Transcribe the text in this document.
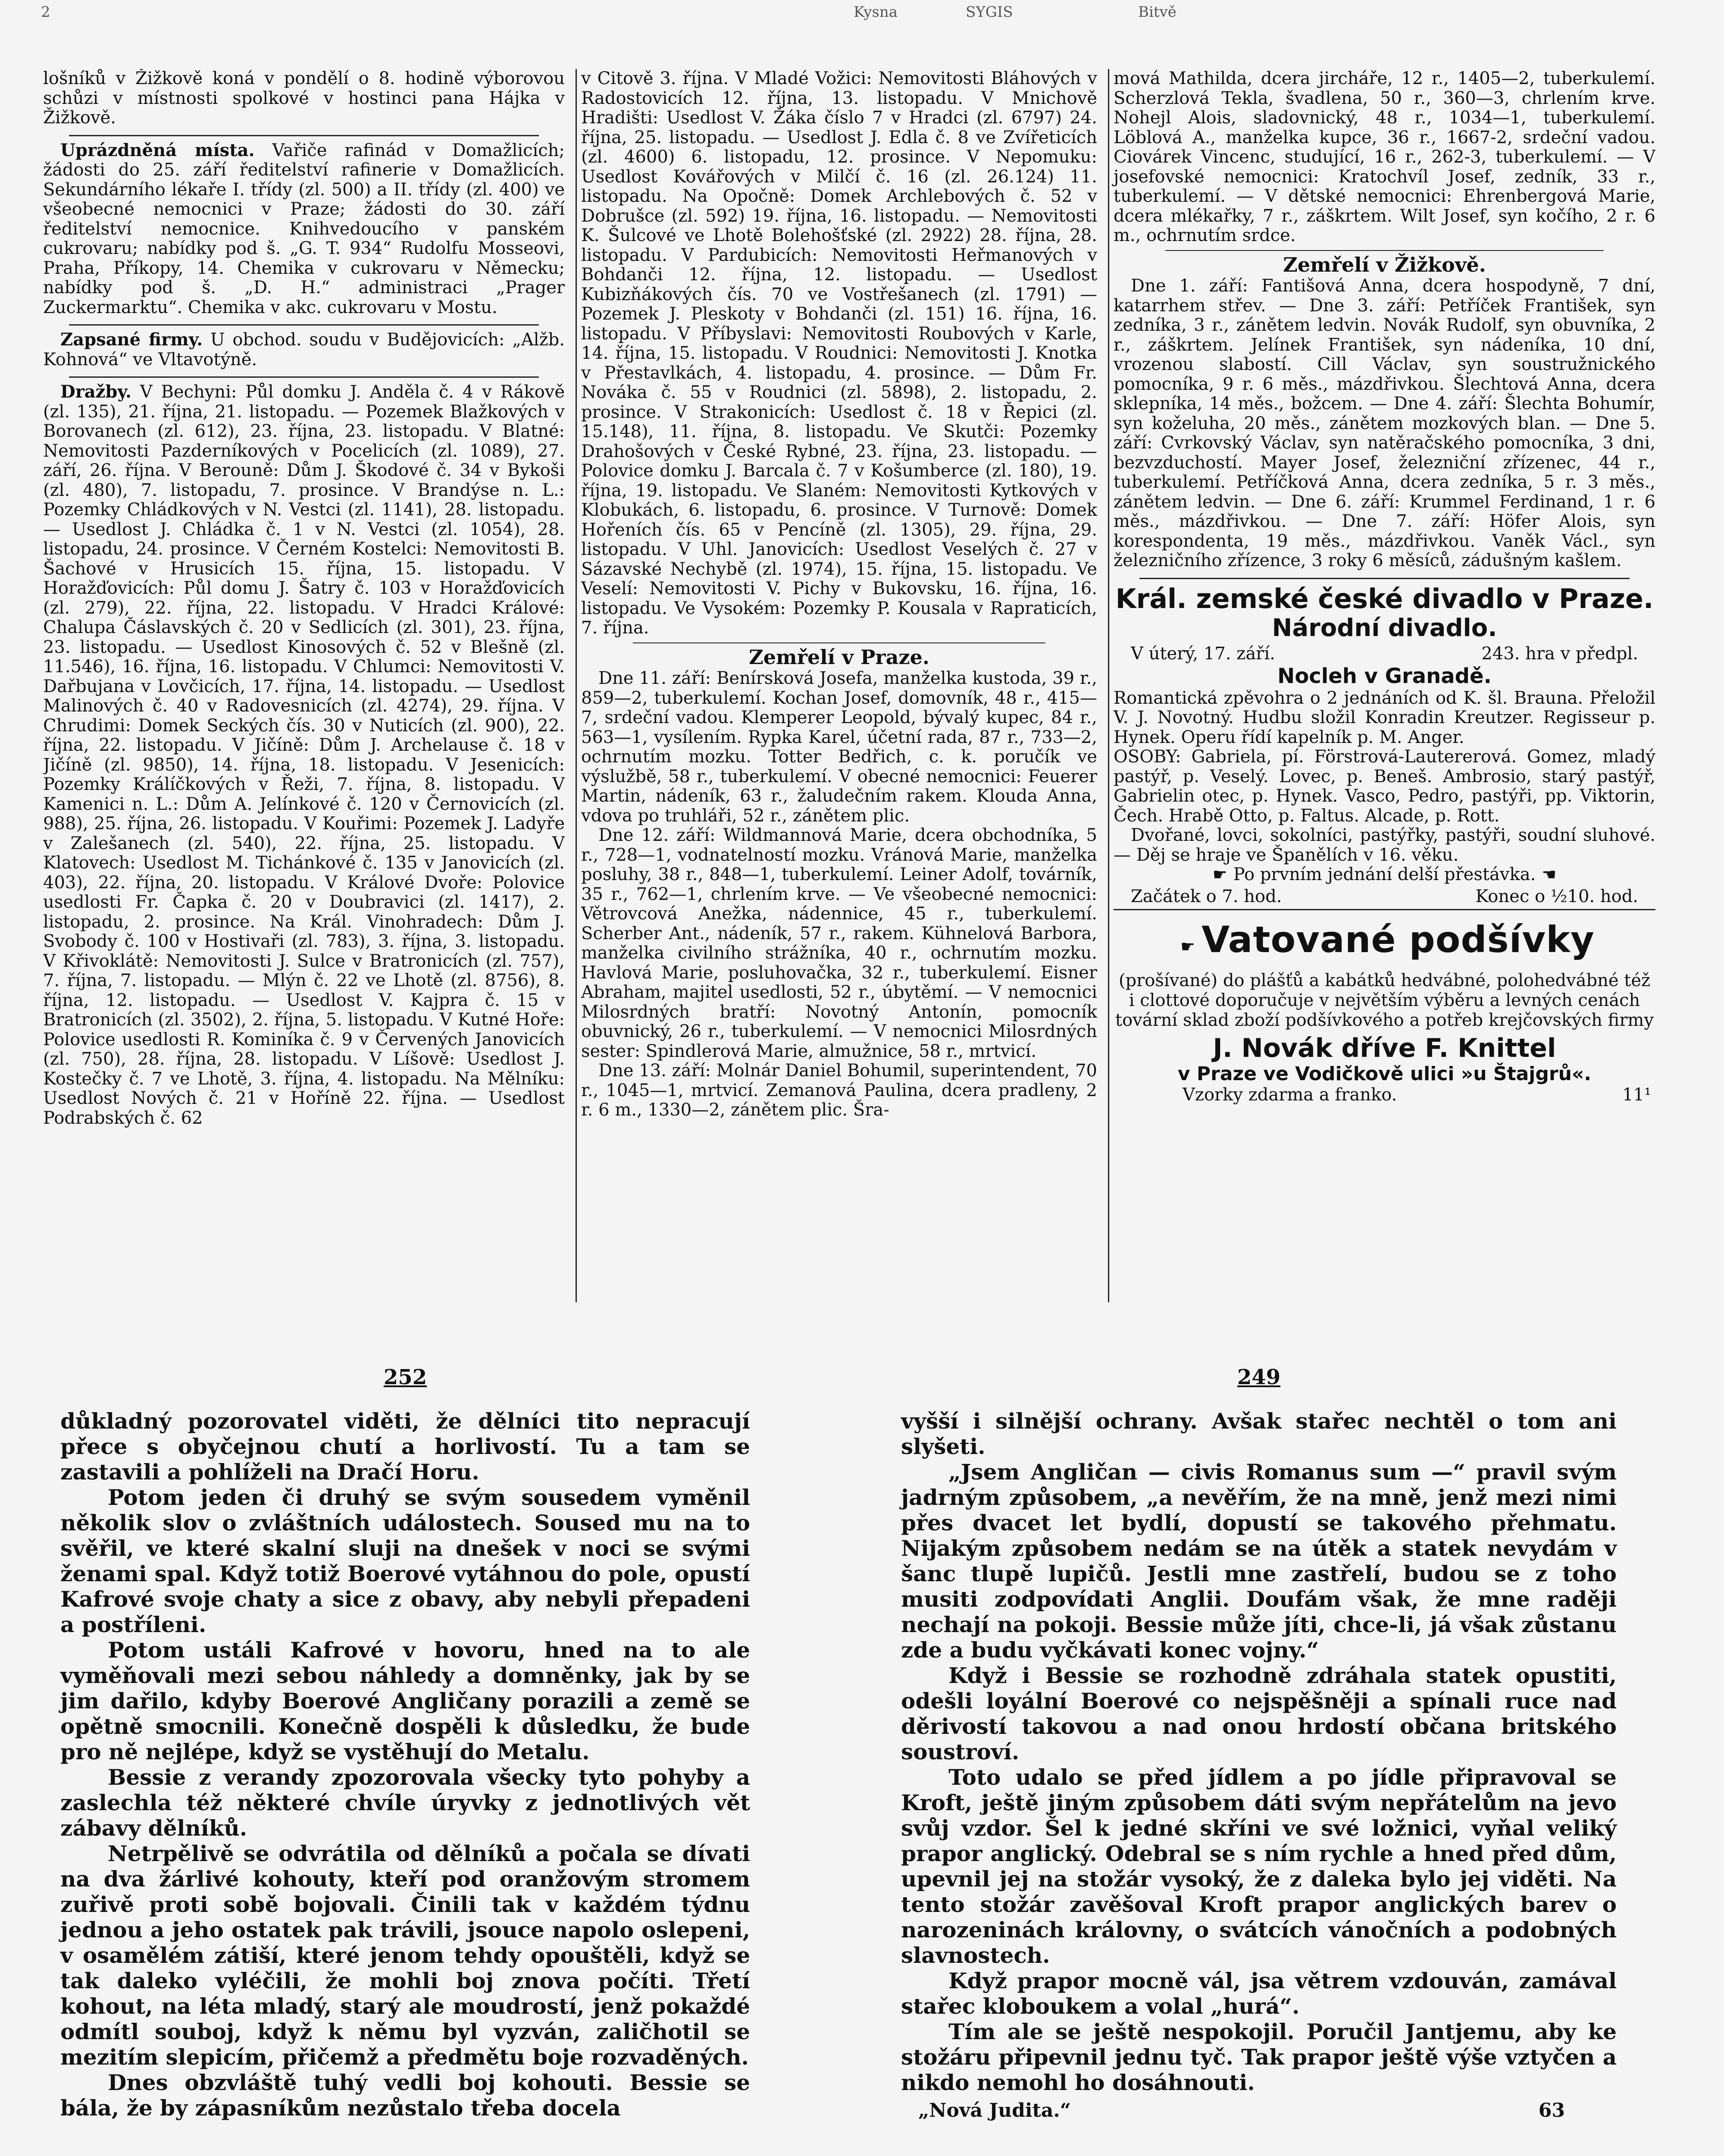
2	Kysna	SYGIS	Bitvě

lošníků v Žižkově koná v pondělí o 8. hodině výborovou schůzi v místnosti spolkové v hostinci pana Hájka v Žižkově.

Uprázdněná místa. Vařiče rafinád v Domažlicích; žádosti do 25. září ředitelství rafinerie v Domažlicích. Sekundárního lékaře I. třídy (zl. 500) a II. třídy (zl. 400) ve všeobecné nemocnici v Praze; žádosti do 30. září ředitelství nemocnice. Knihvedoucího v panském cukrovaru; nabídky pod š. „G. T. 934“ Rudolfu Mosseovi, Praha, Příkopy, 14. Chemika v cukrovaru v Německu; nabídky pod š. „D. H.“ administraci „Prager Zuckermarktu“. Chemika v akc. cukrovaru v Mostu.

Zapsané firmy. U obchod. soudu v Budějovicích: „Alžb. Kohnová“ ve Vltavotýně.

Dražby. V Bechyni: Půl domku J. Anděla č. 4 v Rákově (zl. 135), 21. října, 21. listopadu. — Pozemek Blažkových v Borovanech (zl. 612), 23. října, 23. listopadu. V Blatné: Nemovitosti Pazderníkových v Pocelicích (zl. 1089), 27. září, 26. října. V Berouně: Dům J. Škodové č. 34 v Bykoši (zl. 480), 7. listopadu, 7. prosince. V Brandýse n. L.: Pozemky Chládkových v N. Vestci (zl. 1141), 28. listopadu. — Usedlost J. Chládka č. 1 v N. Vestci (zl. 1054), 28. listopadu, 24. prosince. V Černém Kostelci: Nemovitosti B. Šachové v Hrusicích 15. října, 15. listopadu. V Horažďovicích: Půl domu J. Šatry č. 103 v Horažďovicích (zl. 279), 22. října, 22. listopadu. V Hradci Králové: Chalupa Čáslavských č. 20 v Sedlicích (zl. 301), 23. října, 23. listopadu. — Usedlost Kinosových č. 52 v Blešně (zl. 11.546), 16. října, 16. listopadu. V Chlumci: Nemovitosti V. Dařbujana v Lovčicích, 17. října, 14. listopadu. — Usedlost Malinových č. 40 v Radovesnicích (zl. 4274), 29. října. V Chrudimi: Domek Seckých čís. 30 v Nuticích (zl. 900), 22. října, 22. listopadu. V Jičíně: Dům J. Archelause č. 18 v Jičíně (zl. 9850), 14. října, 18. listopadu. V Jesenicích: Pozemky Králíčkových v Řeži, 7. října, 8. listopadu. V Kamenici n. L.: Dům A. Jelínkové č. 120 v Černovicích (zl. 988), 25. října, 26. listopadu. V Kouřimi: Pozemek J. Ladyře v Zalešanech (zl. 540), 22. října, 25. listopadu. V Klatovech: Usedlost M. Tichánkové č. 135 v Janovicích (zl. 403), 22. října, 20. listopadu. V Králové Dvoře: Polovice usedlosti Fr. Čapka č. 20 v Doubravici (zl. 1417), 2. listopadu, 2. prosince. Na Král. Vinohradech: Dům J. Svobody č. 100 v Hostivaři (zl. 783), 3. října, 3. listopadu. V Křivoklátě: Nemovitosti J. Sulce v Bratronicích (zl. 757), 7. října, 7. listopadu. — Mlýn č. 22 ve Lhotě (zl. 8756), 8. října, 12. listopadu. — Usedlost V. Kajpra č. 15 v Bratronicích (zl. 3502), 2. října, 5. listopadu. V Kutné Hoře: Polovice usedlosti R. Kominíka č. 9 v Červených Janovicích (zl. 750), 28. října, 28. listopadu. V Líšově: Usedlost J. Kostečky č. 7 ve Lhotě, 3. října, 4. listopadu. Na Mělníku: Usedlost Nových č. 21 v Hoříně 22. října. — Usedlost Podrabských č. 62

v Citově 3. října. V Mladé Vožici: Nemovitosti Bláhových v Radostovicích 12. října, 13. listopadu. V Mnichově Hradišti: Usedlost V. Žáka číslo 7 v Hradci (zl. 6797) 24. října, 25. listopadu. — Usedlost J. Edla č. 8 ve Zvířeticích (zl. 4600) 6. listopadu, 12. prosince. V Nepomuku: Usedlost Kovářových v Milčí č. 16 (zl. 26.124) 11. listopadu. Na Opočně: Domek Archlebových č. 52 v Dobrušce (zl. 592) 19. října, 16. listopadu. — Nemovitosti K. Šulcové ve Lhotě Bolehošťské (zl. 2922) 28. října, 28. listopadu. V Pardubicích: Nemovitosti Heřmanových v Bohdanči 12. října, 12. listopadu. — Usedlost Kubizňákových čís. 70 ve Vostřešanech (zl. 1791) — Pozemek J. Pleskoty v Bohdanči (zl. 151) 16. října, 16. listopadu. V Příbyslavi: Nemovitosti Roubových v Karle, 14. října, 15. listopadu. V Roudnici: Nemovitosti J. Knotka v Přestavlkách, 4. listopadu, 4. prosince. — Dům Fr. Nováka č. 55 v Roudnici (zl. 5898), 2. listopadu, 2. prosince. V Strakonicích: Usedlost č. 18 v Řepici (zl. 15.148), 11. října, 8. listopadu. Ve Skutči: Pozemky Drahošových v České Rybné, 23. října, 23. listopadu. — Polovice domku J. Barcala č. 7 v Košumberce (zl. 180), 19. října, 19. listopadu. Ve Slaném: Nemovitosti Kytkových v Klobukách, 6. listopadu, 6. prosince. V Turnově: Domek Hořeních čís. 65 v Pencíně (zl. 1305), 29. října, 29. listopadu. V Uhl. Janovicích: Usedlost Veselých č. 27 v Sázavské Nechybě (zl. 1974), 15. října, 15. listopadu. Ve Veselí: Nemovitosti V. Pichy v Bukovsku, 16. října, 16. listopadu. Ve Vysokém: Pozemky P. Kousala v Rapraticích, 7. října.

Zemřelí v Praze.

Dne 11. září: Benírsková Josefa, manželka kustoda, 39 r., 859—2, tuberkulemí. Kochan Josef, domovník, 48 r., 415—7, srdeční vadou. Klemperer Leopold, bývalý kupec, 84 r., 563—1, vysílením. Rypka Karel, účetní rada, 87 r., 733—2, ochrnutím mozku. Totter Bedřich, c. k. poručík ve výslužbě, 58 r., tuberkulemí. V obecné nemocnici: Feuerer Martin, nádeník, 63 r., žaludečním rakem. Klouda Anna, vdova po truhláři, 52 r., zánětem plic.

Dne 12. září: Wildmannová Marie, dcera obchodníka, 5 r., 728—1, vodnatelností mozku. Vránová Marie, manželka posluhy, 38 r., 848—1, tuberkulemí. Leiner Adolf, továrník, 35 r., 762—1, chrlením krve. — Ve všeobecné nemocnici: Větrovcová Anežka, nádennice, 45 r., tuberkulemí. Scherber Ant., nádeník, 57 r., rakem. Kühnelová Barbora, manželka civilního strážníka, 40 r., ochrnutím mozku. Havlová Marie, posluhovačka, 32 r., tuberkulemí. Eisner Abraham, majitel usedlosti, 52 r., úbytěmí. — V nemocnici Milosrdných bratří: Novotný Antonín, pomocník obuvnický, 26 r., tuberkulemí. — V nemocnici Milosrdných sester: Spindlerová Marie, almužnice, 58 r., mrtvicí.

Dne 13. září: Molnár Daniel Bohumil, superintendent, 70 r., 1045—1, mrtvicí. Zemanová Paulina, dcera pradleny, 2 r. 6 m., 1330—2, zánětem plic. Šra-

mová Mathilda, dcera jircháře, 12 r., 1405—2, tuberkulemí. Scherzlová Tekla, švadlena, 50 r., 360—3, chrlením krve. Nohejl Alois, sladovnický, 48 r., 1034—1, tuberkulemí. Löblová A., manželka kupce, 36 r., 1667-2, srdeční vadou. Ciovárek Vincenc, studující, 16 r., 262-3, tuberkulemí. — V josefovské nemocnici: Kratochvíl Josef, zedník, 33 r., tuberkulemí. — V dětské nemocnici: Ehrenbergová Marie, dcera mlékařky, 7 r., záškrtem. Wilt Josef, syn kočího, 2 r. 6 m., ochrnutím srdce.

Zemřelí v Žižkově.

Dne 1. září: Fantišová Anna, dcera hospodyně, 7 dní, katarrhem střev. — Dne 3. září: Petříček František, syn zedníka, 3 r., zánětem ledvin. Novák Rudolf, syn obuvníka, 2 r., záškrtem. Jelínek František, syn nádeníka, 10 dní, vrozenou slabostí. Cill Václav, syn soustružnického pomocníka, 9 r. 6 měs., mázdřivkou. Šlechtová Anna, dcera sklepníka, 14 měs., božcem. — Dne 4. září: Šlechta Bohumír, syn koželuha, 20 měs., zánětem mozkových blan. — Dne 5. září: Cvrkovský Václav, syn natěračského pomocníka, 3 dni, bezvzduchostí. Mayer Josef, železniční zřízenec, 44 r., tuberkulemí. Petříčková Anna, dcera zedníka, 5 r. 3 měs., zánětem ledvin. — Dne 6. září: Krummel Ferdinand, 1 r. 6 měs., mázdřivkou. — Dne 7. září: Höfer Alois, syn korespondenta, 19 měs., mázdřivkou. Vaněk Václ., syn železničního zřízence, 3 roky 6 měsíců, zádušným kašlem.

Král. zemské české divadlo v Praze.
Národní divadlo.
V úterý, 17. září.	243. hra v předpl.
Nocleh v Granadě.

Romantická zpěvohra o 2 jednáních od K. šl. Brauna. Přeložil V. J. Novotný. Hudbu složil Konradin Kreutzer. Regisseur p. Hynek. Operu řídí kapelník p. M. Anger.

OSOBY: Gabriela, pí. Förstrová-Lautererová. Gomez, mladý pastýř, p. Veselý. Lovec, p. Beneš. Ambrosio, starý pastýř, Gabrielin otec, p. Hynek. Vasco, Pedro, pastýři, pp. Viktorin, Čech. Hrabě Otto, p. Faltus. Alcade, p. Rott.

Dvořané, lovci, sokolníci, pastýřky, pastýři, soudní sluhové. — Děj se hraje ve Španělích v 16. věku.

☛ Po prvním jednání delší přestávka. ☚
Začátek o 7. hod.	Konec o ½10. hod.
☛ Vatované podšívky

(prošívané) do plášťů a kabátků hedvábné, polohedvábné též i clottové doporučuje v největším výběru a levných cenách tovární sklad zboží podšívkového a potřeb krejčovských firmy

J. Novák dříve F. Knittel
v Praze ve Vodičkově ulici »u Štajgrů«.
Vzorky zdarma a franko.	11¹
252

důkladný pozorovatel viděti, že dělníci tito nepracují přece s obyčejnou chutí a horlivostí. Tu a tam se zastavili a pohlíželi na Dračí Horu.

Potom jeden či druhý se svým sousedem vyměnil několik slov o zvláštních událostech. Soused mu na to svěřil, ve které skalní sluji na dnešek v noci se svými ženami spal. Když totiž Boerové vytáhnou do pole, opustí Kafrové svoje chaty a sice z obavy, aby nebyli přepadeni a postříleni.

Potom ustáli Kafrové v hovoru, hned na to ale vyměňovali mezi sebou náhledy a domněnky, jak by se jim dařilo, kdyby Boerové Angličany porazili a země se opětně smocnili. Konečně dospěli k důsledku, že bude pro ně nejlépe, když se vystěhují do Metalu.

Bessie z verandy zpozorovala všecky tyto pohyby a zaslechla též některé chvíle úryvky z jednotlivých vět zábavy dělníků.

Netrpělivě se odvrátila od dělníků a počala se dívati na dva žárlivé kohouty, kteří pod oranžovým stromem zuřivě proti sobě bojovali. Činili tak v každém týdnu jednou a jeho ostatek pak trávili, jsouce napolo oslepeni, v osamělém zátiší, které jenom tehdy opouštěli, když se tak daleko vyléčili, že mohli boj znova počíti. Třetí kohout, na léta mladý, starý ale moudrostí, jenž pokaždé odmítl souboj, když k němu byl vyzván, zaličhotil se mezitím slepicím, přičemž a předmětu boje rozvaděných.

Dnes obzvláště tuhý vedli boj kohouti. Bessie se bála, že by zápasníkům nezůstalo třeba docela

249

vyšší i silnější ochrany. Avšak stařec nechtěl o tom ani slyšeti.

„Jsem Angličan — civis Romanus sum —“ pravil svým jadrným způsobem, „a nevěřím, že na mně, jenž mezi nimi přes dvacet let bydlí, dopustí se takového přehmatu. Nijakým způsobem nedám se na útěk a statek nevydám v šanc tlupě lupičů. Jestli mne zastřelí, budou se z toho musiti zodpovídati Anglii. Doufám však, že mne raději nechají na pokoji. Bessie může jíti, chce-li, já však zůstanu zde a budu vyčkávati konec vojny.“

Když i Bessie se rozhodně zdráhala statek opustiti, odešli loyální Boerové co nejspěšněji a spínali ruce nad děrivostí takovou a nad onou hrdostí občana britského soustroví.

Toto udalo se před jídlem a po jídle připravoval se Kroft, ještě jiným způsobem dáti svým nepřátelům na jevo svůj vzdor. Šel k jedné skříni ve své ložnici, vyňal veliký prapor anglický. Odebral se s ním rychle a hned před dům, upevnil jej na stožár vysoký, že z daleka bylo jej viděti. Na tento stožár zavěšoval Kroft prapor anglických barev o narozeninách královny, o svátcích vánočních a podobných slavnostech.

Když prapor mocně vál, jsa větrem vzdouván, zamával stařec kloboukem a volal „hurá“.

Tím ale se ještě nespokojil. Poručil Jantjemu, aby ke stožáru připevnil jednu tyč. Tak prapor ještě výše vztyčen a nikdo nemohl ho dosáhnouti.

„Nová Judita.“	63
